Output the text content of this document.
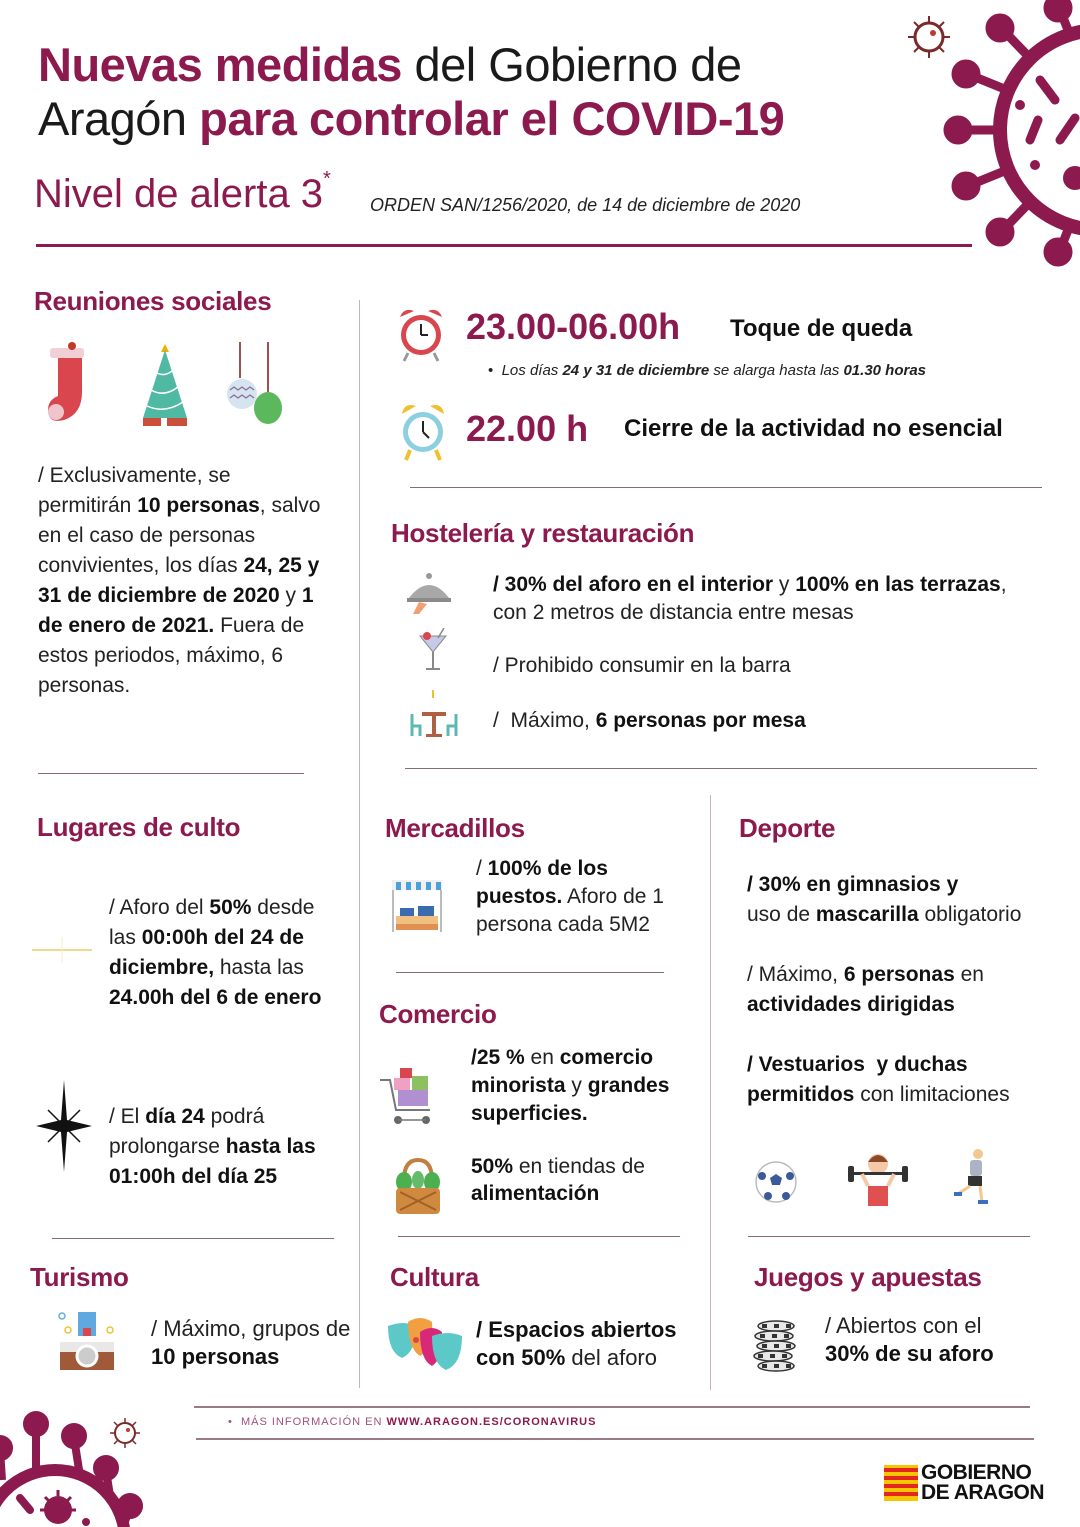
Nuevas medidas del Gobierno de
Aragón para controlar el COVID-19
Nivel de alerta 3*
ORDEN SAN/1256/2020, de 14 de diciembre de 2020
Reuniones sociales
/ Exclusivamente, se permitirán 10 personas, salvo en el caso de personas convivientes, los días 24, 25 y 31 de diciembre de 2020 y 1 de enero de 2021. Fuera de estos periodos, máximo, 6 personas.
23.00-06.00h Toque de queda
•  Los días 24 y 31 de diciembre se alarga hasta las 01.30 horas
22.00 h Cierre de la actividad no esencial
Hostelería y restauración
/ 30% del aforo en el interior y 100% en las terrazas,
con 2 metros de distancia entre mesas
/ Prohibido consumir en la barra
/  Máximo, 6 personas por mesa
Lugares de culto
/ Aforo del 50% desde las 00:00h del 24 de diciembre, hasta las 24.00h del 6 de enero
/ El día 24 podrá prolongarse hasta las 01:00h del día 25
Mercadillos
/ 100% de los puestos. Aforo de 1 persona cada 5M2
Comercio
/25 % en comercio minorista y grandes superficies.
50% en tiendas de alimentación
Deporte
/ 30% en gimnasios y
uso de mascarilla obligatorio
/ Máximo, 6 personas en actividades dirigidas
/ Vestuarios  y duchas permitidos con limitaciones
Turismo
/ Máximo, grupos de 10 personas
Cultura
/ Espacios abiertos con 50% del aforo
Juegos y apuestas
/ Abiertos con el 30% de su aforo
• MÁS INFORMACIÓN EN WWW.ARAGON.ES/CORONAVIRUS
GOBIERNO
DE ARAGON
